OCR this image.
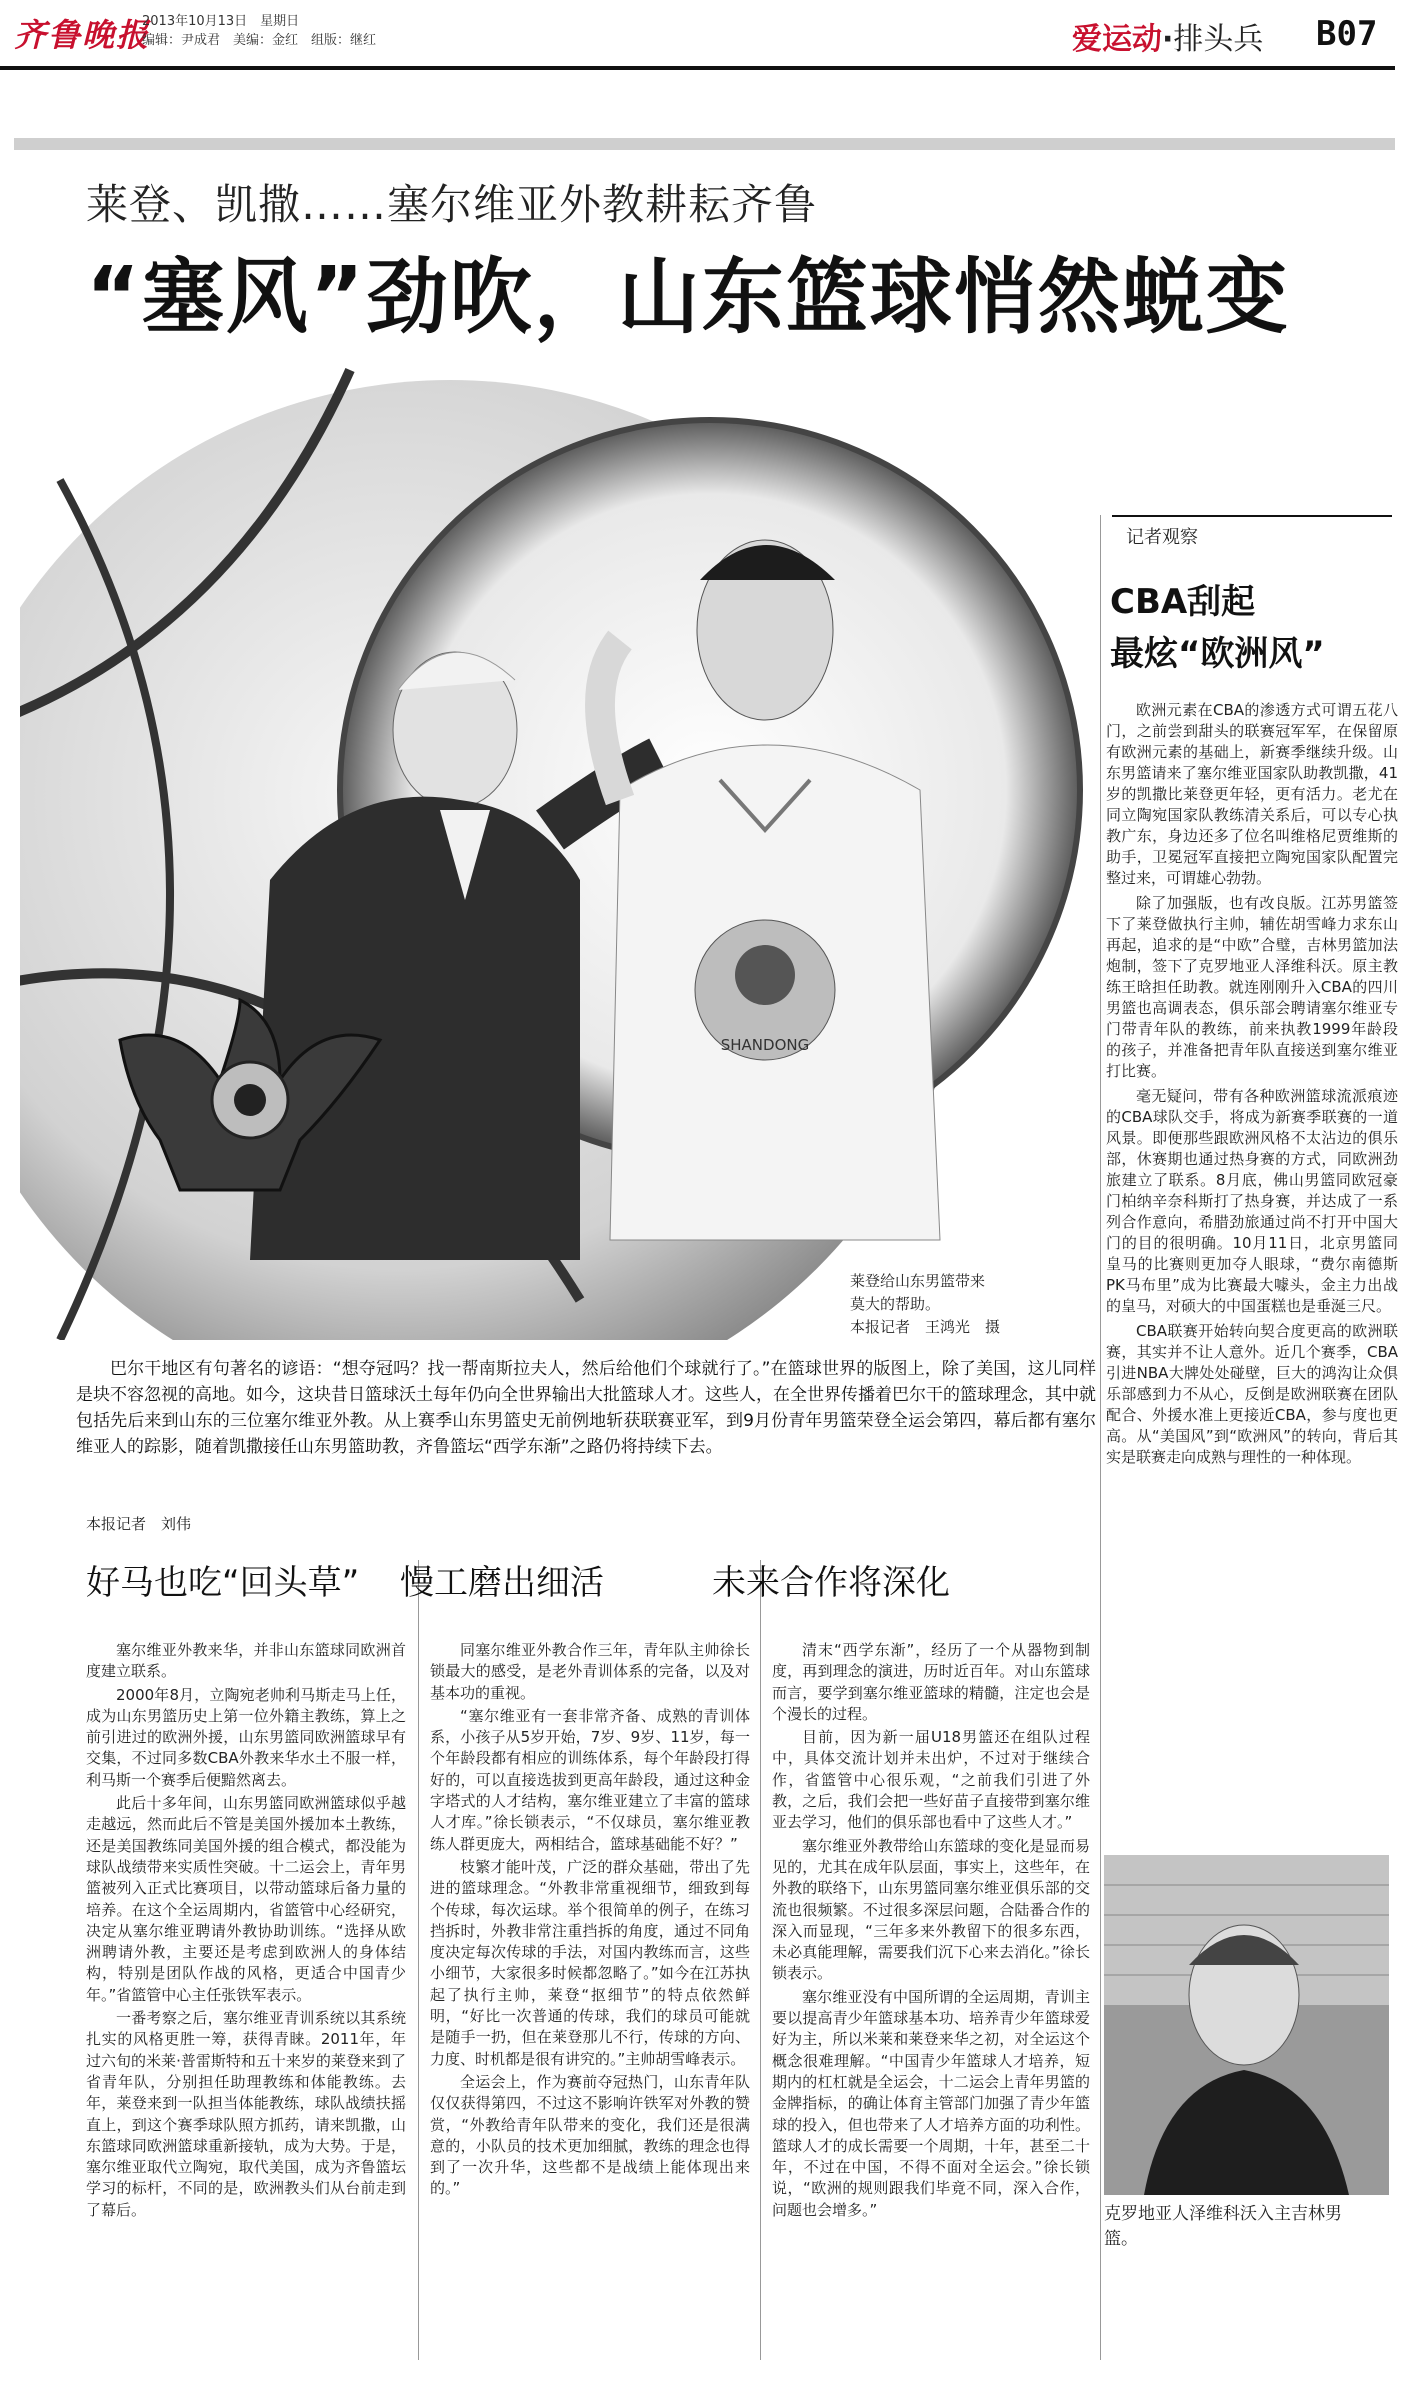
齐鲁晚报
2013年10月13日　星期日
编辑：尹成君　美编：金红　组版：继红	爱运动·排头兵 B07
莱登、凯撒……塞尔维亚外教耕耘齐鲁
“塞风”劲吹，山东篮球悄然蜕变
SHANDONG
莱登给山东男篮带来
莫大的帮助。
本报记者　王鸿光　摄
记者观察
CBA刮起
最炫“欧洲风”

欧洲元素在CBA的渗透方式可谓五花八门，之前尝到甜头的联赛冠军军，在保留原有欧洲元素的基础上，新赛季继续升级。山东男篮请来了塞尔维亚国家队助教凯撒，41岁的凯撒比莱登更年轻，更有活力。老尤在同立陶宛国家队教练清关系后，可以专心执教广东，身边还多了位名叫维格尼贾维斯的助手，卫冕冠军直接把立陶宛国家队配置完整过来，可谓雄心勃勃。

除了加强版，也有改良版。江苏男篮签下了莱登做执行主帅，辅佐胡雪峰力求东山再起，追求的是“中欧”合璧，吉林男篮加法炮制，签下了克罗地亚人泽维科沃。原主教练王晗担任助教。就连刚刚升入CBA的四川男篮也高调表态，俱乐部会聘请塞尔维亚专门带青年队的教练，前来执教1999年龄段的孩子，并准备把青年队直接送到塞尔维亚打比赛。

毫无疑问，带有各种欧洲篮球流派痕迹的CBA球队交手，将成为新赛季联赛的一道风景。即便那些跟欧洲风格不太沾边的俱乐部，休赛期也通过热身赛的方式，同欧洲劲旅建立了联系。8月底，佛山男篮同欧冠豪门柏纳辛奈科斯打了热身赛，并达成了一系列合作意向，希腊劲旅通过尚不打开中国大门的目的很明确。10月11日，北京男篮同皇马的比赛则更加夺人眼球，“费尔南德斯PK马布里”成为比赛最大噱头，金主力出战的皇马，对硕大的中国蛋糕也是垂涎三尺。

CBA联赛开始转向契合度更高的欧洲联赛，其实并不让人意外。近几个赛季，CBA引进NBA大牌处处碰壁，巨大的鸿沟让众俱乐部感到力不从心，反倒是欧洲联赛在团队配合、外援水准上更接近CBA，参与度也更高。从“美国风”到“欧洲风”的转向，背后其实是联赛走向成熟与理性的一种体现。

巴尔干地区有句著名的谚语：“想夺冠吗？找一帮南斯拉夫人，然后给他们个球就行了。”在篮球世界的版图上，除了美国，这儿同样是块不容忽视的高地。如今，这块昔日篮球沃土每年仍向全世界输出大批篮球人才。这些人，在全世界传播着巴尔干的篮球理念，其中就包括先后来到山东的三位塞尔维亚外教。从上赛季山东男篮史无前例地斩获联赛亚军，到9月份青年男篮荣登全运会第四，幕后都有塞尔维亚人的踪影，随着凯撒接任山东男篮助教，齐鲁篮坛“西学东渐”之路仍将持续下去。

本报记者　刘伟
好马也吃“回头草”

塞尔维亚外教来华，并非山东篮球同欧洲首度建立联系。

2000年8月，立陶宛老帅利马斯走马上任，成为山东男篮历史上第一位外籍主教练，算上之前引进过的欧洲外援，山东男篮同欧洲篮球早有交集，不过同多数CBA外教来华水土不服一样，利马斯一个赛季后便黯然离去。

此后十多年间，山东男篮同欧洲篮球似乎越走越远，然而此后不管是美国外援加本土教练，还是美国教练同美国外援的组合模式，都没能为球队战绩带来实质性突破。十二运会上，青年男篮被列入正式比赛项目，以带动篮球后备力量的培养。在这个全运周期内，省篮管中心经研究，决定从塞尔维亚聘请外教协助训练。“选择从欧洲聘请外教，主要还是考虑到欧洲人的身体结构，特别是团队作战的风格，更适合中国青少年。”省篮管中心主任张铁军表示。

一番考察之后，塞尔维亚青训系统以其系统扎实的风格更胜一筹，获得青睐。2011年，年过六旬的米莱·普雷斯特和五十来岁的莱登来到了省青年队，分别担任助理教练和体能教练。去年，莱登来到一队担当体能教练，球队战绩扶摇直上，到这个赛季球队照方抓药，请来凯撒，山东篮球同欧洲篮球重新接轨，成为大势。于是，塞尔维亚取代立陶宛，取代美国，成为齐鲁篮坛学习的标杆，不同的是，欧洲教头们从台前走到了幕后。

慢工磨出细活

同塞尔维亚外教合作三年，青年队主帅徐长锁最大的感受，是老外青训体系的完备，以及对基本功的重视。

“塞尔维亚有一套非常齐备、成熟的青训体系，小孩子从5岁开始，7岁、9岁、11岁，每一个年龄段都有相应的训练体系，每个年龄段打得好的，可以直接选拔到更高年龄段，通过这种金字塔式的人才结构，塞尔维亚建立了丰富的篮球人才库。”徐长锁表示，“不仅球员，塞尔维亚教练人群更庞大，两相结合，篮球基础能不好？”

枝繁才能叶茂，广泛的群众基础，带出了先进的篮球理念。“外教非常重视细节，细致到每个传球，每次运球。举个很简单的例子，在练习挡拆时，外教非常注重挡拆的角度，通过不同角度决定每次传球的手法，对国内教练而言，这些小细节，大家很多时候都忽略了。”如今在江苏执起了执行主帅，莱登“抠细节”的特点依然鲜明，“好比一次普通的传球，我们的球员可能就是随手一扔，但在莱登那儿不行，传球的方向、力度、时机都是很有讲究的。”主帅胡雪峰表示。

全运会上，作为赛前夺冠热门，山东青年队仅仅获得第四，不过这不影响许铁军对外教的赞赏，“外教给青年队带来的变化，我们还是很满意的，小队员的技术更加细腻，教练的理念也得到了一次升华，这些都不是战绩上能体现出来的。”

未来合作将深化

清末“西学东渐”，经历了一个从器物到制度，再到理念的演进，历时近百年。对山东篮球而言，要学到塞尔维亚篮球的精髓，注定也会是个漫长的过程。

目前，因为新一届U18男篮还在组队过程中，具体交流计划并未出炉，不过对于继续合作，省篮管中心很乐观，“之前我们引进了外教，之后，我们会把一些好苗子直接带到塞尔维亚去学习，他们的俱乐部也看中了这些人才。”

塞尔维亚外教带给山东篮球的变化是显而易见的，尤其在成年队层面，事实上，这些年，在外教的联络下，山东男篮同塞尔维亚俱乐部的交流也很频繁。不过很多深层问题，合陆番合作的深入而显现，“三年多来外教留下的很多东西，未必真能理解，需要我们沉下心来去消化。”徐长锁表示。

塞尔维亚没有中国所谓的全运周期，青训主要以提高青少年篮球基本功、培养青少年篮球爱好为主，所以米莱和莱登来华之初，对全运这个概念很难理解。“中国青少年篮球人才培养，短期内的杠杠就是全运会，十二运会上青年男篮的金牌指标，的确让体育主管部门加强了青少年篮球的投入，但也带来了人才培养方面的功利性。篮球人才的成长需要一个周期，十年，甚至二十年，不过在中国，不得不面对全运会。”徐长锁说，“欧洲的规则跟我们毕竟不同，深入合作，问题也会增多。”	克罗地亚人泽维科沃入主吉林男篮。
